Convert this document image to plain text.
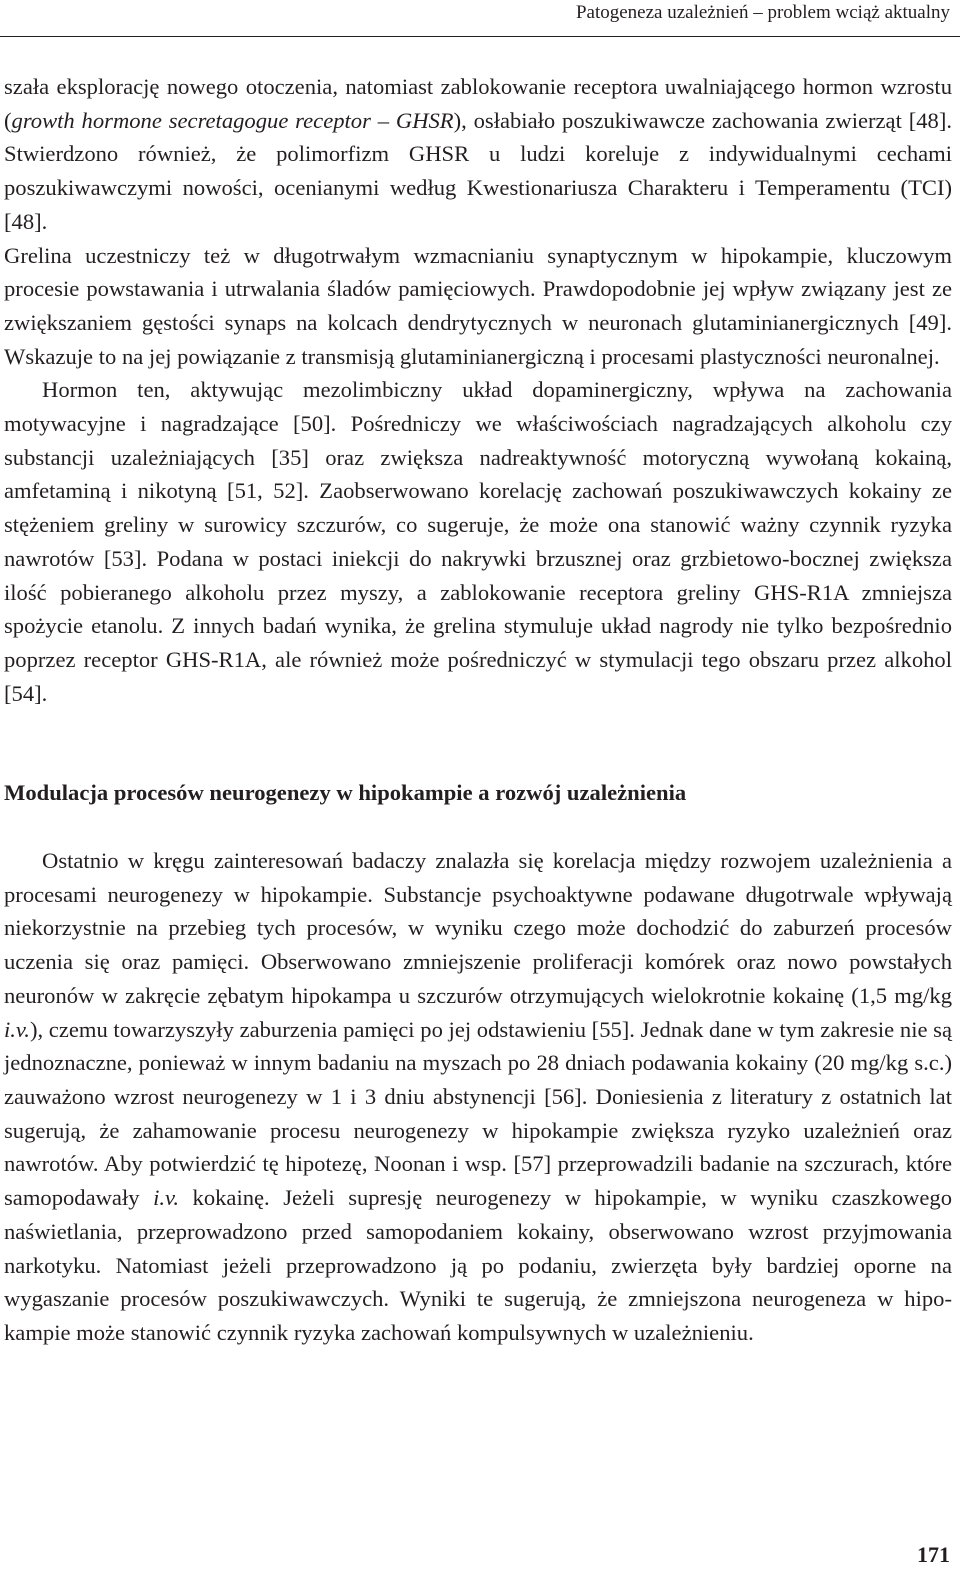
Patogeneza uzależnień – problem wciąż aktualny

szała eksplorację nowego otoczenia, natomiast zablokowanie receptora uwalniającego hormon wzrostu (growth hormone secretagogue receptor – GHSR), osłabiało poszukiwawcze zachowania zwierząt [48]. Stwierdzono również, że polimorfizm GHSR u ludzi koreluje z indywidualnymi cechami poszukiwawczymi nowości, ocenianymi według Kwestionariusza Charakteru i Temperamentu (TCI) [48].

Grelina uczestniczy też w długotrwałym wzmacnianiu synaptycznym w hipokampie, kluczowym procesie powstawania i utrwalania śladów pamięciowych. Prawdopodobnie jej wpływ związany jest ze zwiększaniem gęstości synaps na kolcach dendrytycznych w neuronach glutaminianergicznych [49]. Wskazuje to na jej powiązanie z transmisją glutaminianergiczną i procesami plastyczności neuronalnej.

Hormon ten, aktywując mezolimbiczny układ dopaminergiczny, wpływa na zachowania motywacyjne i nagradzające [50]. Pośredniczy we właściwościach nagradzających alkoholu czy substancji uzależniających [35] oraz zwiększa nadreaktywność motoryczną wywołaną kokainą, amfetaminą i nikotyną [51, 52]. Zaobserwowano korelację zachowań poszukiwawczych kokainy ze stężeniem greliny w surowicy szczurów, co sugeruje, że może ona stanowić ważny czynnik ryzyka nawrotów [53]. Podana w postaci iniekcji do nakrywki brzusznej oraz grzbietowo-bocznej zwiększa ilość pobieranego alkoholu przez myszy, a zablokowanie receptora greliny GHS-R1A zmniejsza spożycie etanolu. Z innych badań wynika, że grelina stymuluje układ nagrody nie tylko bezpośrednio poprzez receptor GHS-R1A, ale również może pośredniczyć w stymulacji tego obszaru przez alkohol [54].

Modulacja procesów neurogenezy w hipokampie a rozwój uzależnienia

Ostatnio w kręgu zainteresowań badaczy znalazła się korelacja między rozwojem uzależnienia a procesami neurogenezy w hipokampie. Substancje psychoaktywne podawane długotrwale wpływają niekorzystnie na przebieg tych procesów, w wyniku czego może dochodzić do zaburzeń procesów uczenia się oraz pamięci. Obserwowano zmniejszenie proliferacji komórek oraz nowo powstałych neuronów w zakręcie zębatym hipokampa u szczurów otrzymujących wielokrotnie kokainę (1,5 mg/kg i.v.), czemu towarzyszyły zaburzenia pamięci po jej odstawieniu [55]. Jednak dane w tym zakresie nie są jednoznaczne, ponieważ w innym badaniu na myszach po 28 dniach podawania kokainy (20 mg/kg s.c.) zauważono wzrost neurogenezy w 1 i 3 dniu abstynencji [56]. Doniesienia z literatury z ostatnich lat sugerują, że zahamowanie procesu neurogenezy w hipokampie zwiększa ryzyko uzależnień oraz nawrotów. Aby potwierdzić tę hipotezę, Noonan i wsp. [57] przeprowadzili badanie na szczurach, które samopodawały i.v. kokainę. Jeżeli supresję neurogenezy w hipokampie, w wyniku czaszkowego naświetlania, przeprowadzono przed samopodaniem kokainy, obserwowano wzrost przyjmowania narkotyku. Natomiast jeżeli przeprowadzono ją po podaniu, zwierzęta były bardziej oporne na wygaszanie procesów poszukiwawczych. Wyniki te sugerują, że zmniejszona neurogeneza w hipokampie może stanowić czynnik ryzyka zachowań kompulsywnych w uzależnieniu.

171
